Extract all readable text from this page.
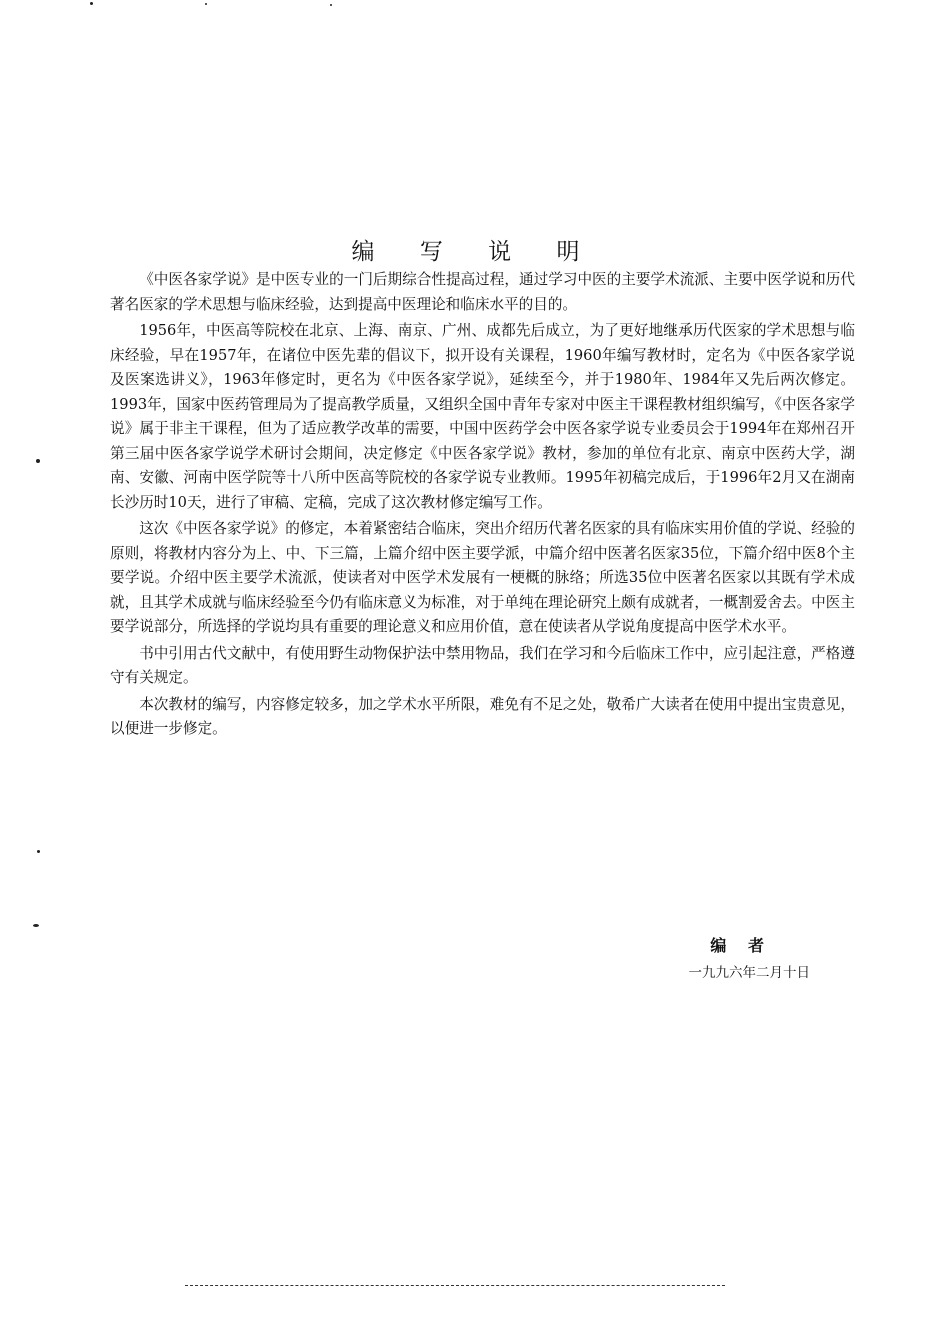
编 写 说 明

《中医各家学说》是中医专业的一门后期综合性提高过程，通过学习中医的主要学术流派、主要中医学说和历代著名医家的学术思想与临床经验，达到提高中医理论和临床水平的目的。

1956年，中医高等院校在北京、上海、南京、广州、成都先后成立，为了更好地继承历代医家的学术思想与临床经验，早在1957年，在诸位中医先辈的倡议下，拟开设有关课程，1960年编写教材时，定名为《中医各家学说及医案选讲义》，1963年修定时，更名为《中医各家学说》，延续至今，并于1980年、1984年又先后两次修定。1993年，国家中医药管理局为了提高教学质量，又组织全国中青年专家对中医主干课程教材组织编写，《中医各家学说》属于非主干课程，但为了适应教学改革的需要，中国中医药学会中医各家学说专业委员会于1994年在郑州召开第三届中医各家学说学术研讨会期间，决定修定《中医各家学说》教材，参加的单位有北京、南京中医药大学，湖南、安徽、河南中医学院等十八所中医高等院校的各家学说专业教师。1995年初稿完成后，于1996年2月又在湖南长沙历时10天，进行了审稿、定稿，完成了这次教材修定编写工作。

这次《中医各家学说》的修定，本着紧密结合临床，突出介绍历代著名医家的具有临床实用价值的学说、经验的原则，将教材内容分为上、中、下三篇，上篇介绍中医主要学派，中篇介绍中医著名医家35位，下篇介绍中医8个主要学说。介绍中医主要学术流派，使读者对中医学术发展有一梗概的脉络；所选35位中医著名医家以其既有学术成就，且其学术成就与临床经验至今仍有临床意义为标准，对于单纯在理论研究上颇有成就者，一概割爱舍去。中医主要学说部分，所选择的学说均具有重要的理论意义和应用价值，意在使读者从学说角度提高中医学术水平。

书中引用古代文献中，有使用野生动物保护法中禁用物品，我们在学习和今后临床工作中，应引起注意，严格遵守有关规定。

本次教材的编写，内容修定较多，加之学术水平所限，难免有不足之处，敬希广大读者在使用中提出宝贵意见，以便进一步修定。

编 者
一九九六年二月十日
